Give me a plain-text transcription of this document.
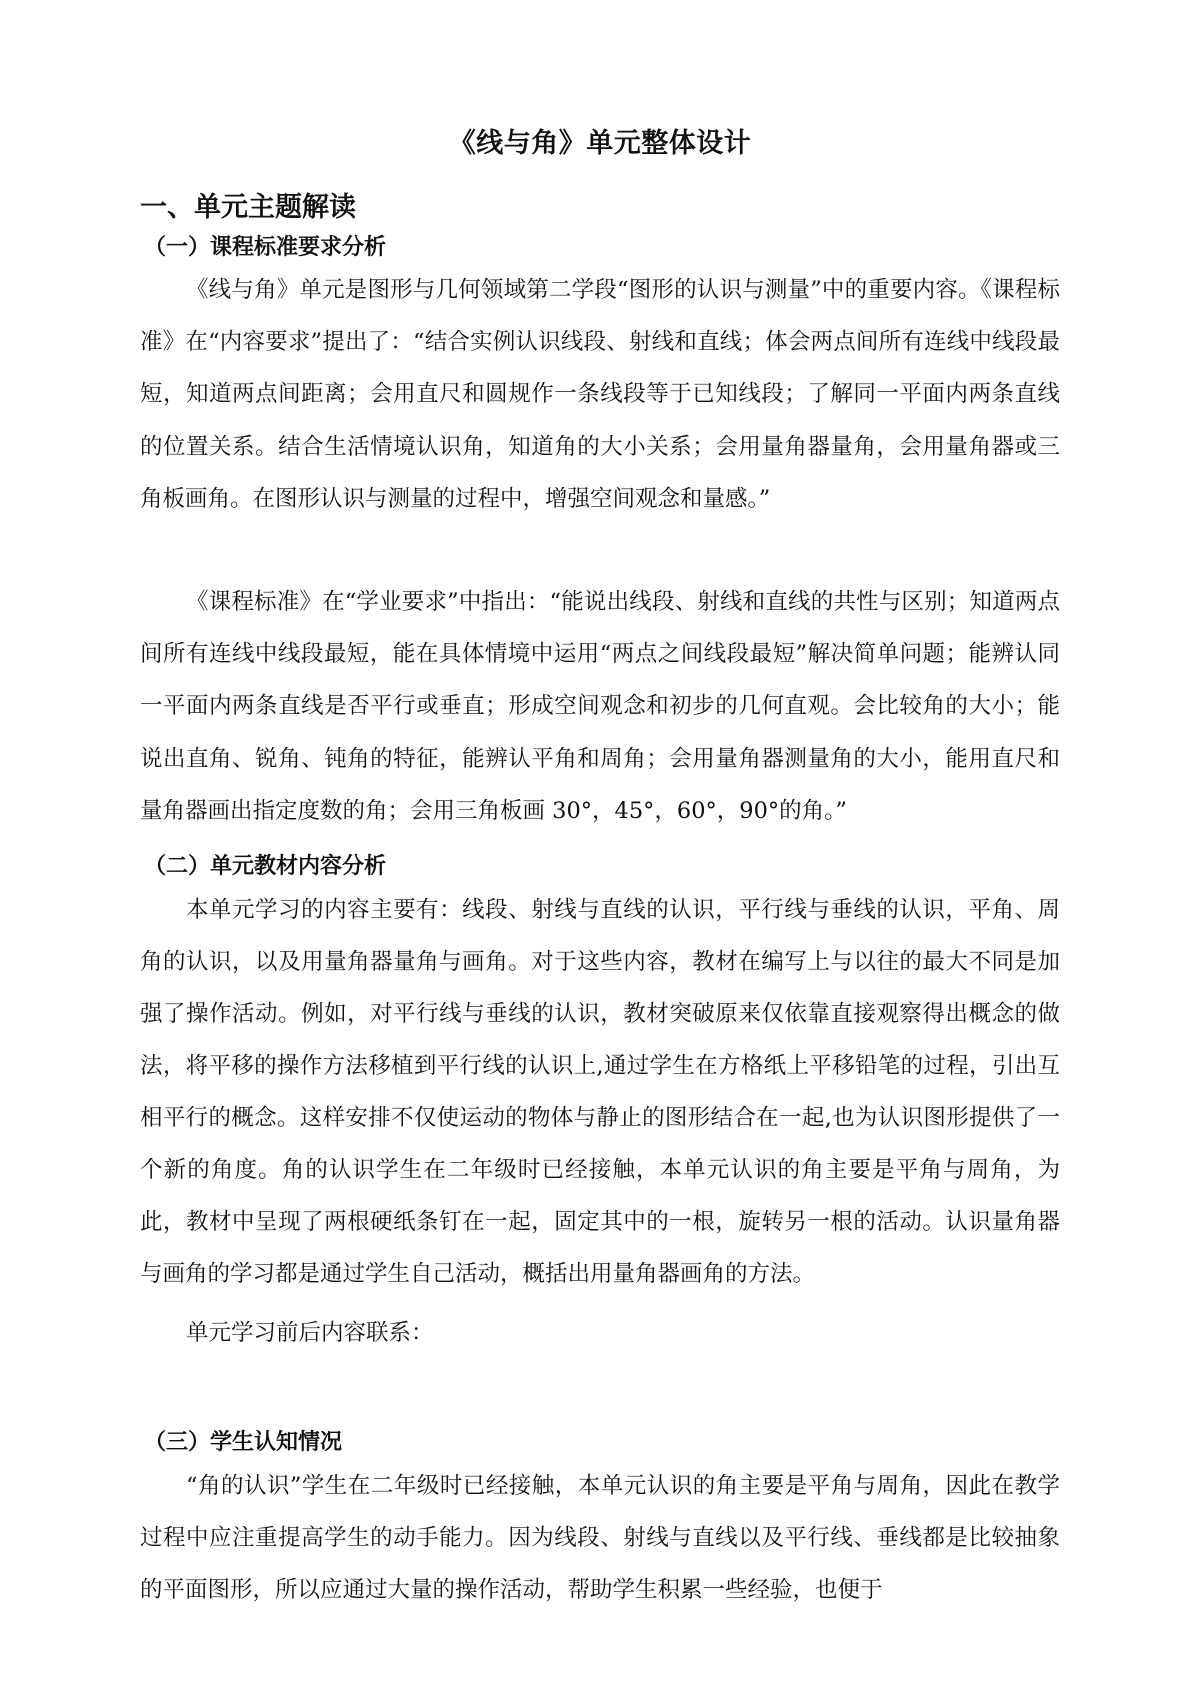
《线与角》单元整体设计
一、单元主题解读
（一）课程标准要求分析

《线与角》单元是图形与几何领域第二学段“图形的认识与测量”中的重要内容。《课程标准》在“内容要求”提出了：“结合实例认识线段、射线和直线；体会两点间所有连线中线段最短，知道两点间距离；会用直尺和圆规作一条线段等于已知线段；了解同一平面内两条直线的位置关系。结合生活情境认识角，知道角的大小关系；会用量角器量角，会用量角器或三角板画角。在图形认识与测量的过程中，增强空间观念和量感。”

《课程标准》在“学业要求”中指出：“能说出线段、射线和直线的共性与区别；知道两点间所有连线中线段最短，能在具体情境中运用“两点之间线段最短”解决简单问题；能辨认同一平面内两条直线是否平行或垂直；形成空间观念和初步的几何直观。会比较角的大小；能说出直角、锐角、钝角的特征，能辨认平角和周角；会用量角器测量角的大小，能用直尺和量角器画出指定度数的角；会用三角板画 30°，45°，60°，90°的角。”

（二）单元教材内容分析

本单元学习的内容主要有：线段、射线与直线的认识，平行线与垂线的认识，平角、周角的认识，以及用量角器量角与画角。对于这些内容，教材在编写上与以往的最大不同是加强了操作活动。例如，对平行线与垂线的认识，教材突破原来仅依靠直接观察得出概念的做法，将平移的操作方法移植到平行线的认识上,通过学生在方格纸上平移铅笔的过程，引出互相平行的概念。这样安排不仅使运动的物体与静止的图形结合在一起,也为认识图形提供了一个新的角度。角的认识学生在二年级时已经接触，本单元认识的角主要是平角与周角，为此，教材中呈现了两根硬纸条钉在一起，固定其中的一根，旋转另一根的活动。认识量角器与画角的学习都是通过学生自己活动，概括出用量角器画角的方法。

单元学习前后内容联系：
（三）学生认知情况

“角的认识”学生在二年级时已经接触，本单元认识的角主要是平角与周角，因此在教学过程中应注重提高学生的动手能力。因为线段、射线与直线以及平行线、垂线都是比较抽象的平面图形，所以应通过大量的操作活动，帮助学生积累一些经验，也便于
